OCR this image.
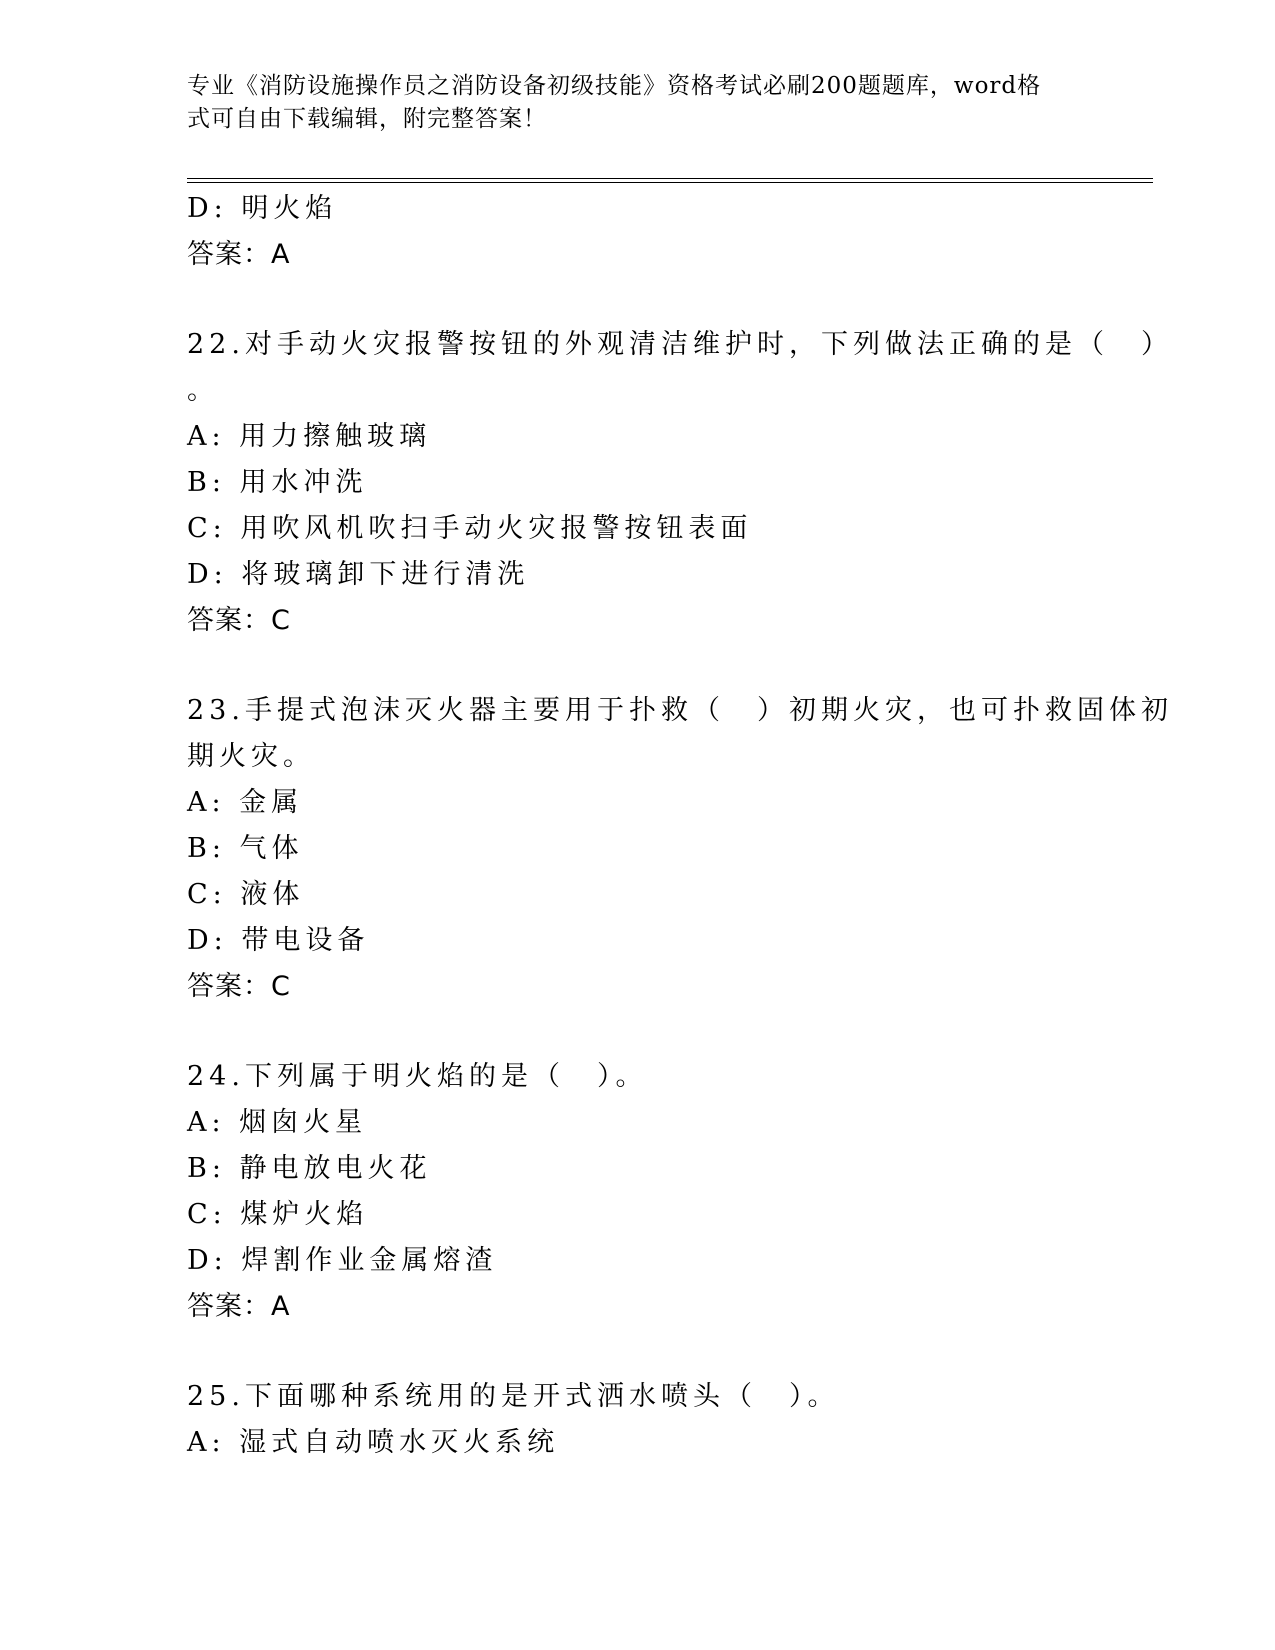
专业《消防设施操作员之消防设备初级技能》资格考试必刷200题题库，word格
式可自由下载编辑，附完整答案！
D: 明火焰
答案：A
22.对手动火灾报警按钮的外观清洁维护时，下列做法正确的是（　）
。
A: 用力擦触玻璃
B: 用水冲洗
C: 用吹风机吹扫手动火灾报警按钮表面
D: 将玻璃卸下进行清洗
答案：C
23.手提式泡沫灭火器主要用于扑救（　）初期火灾，也可扑救固体初
期火灾。
A: 金属
B: 气体
C: 液体
D: 带电设备
答案：C
24.下列属于明火焰的是（　）。
A: 烟囱火星
B: 静电放电火花
C: 煤炉火焰
D: 焊割作业金属熔渣
答案：A
25.下面哪种系统用的是开式洒水喷头（　）。
A: 湿式自动喷水灭火系统
